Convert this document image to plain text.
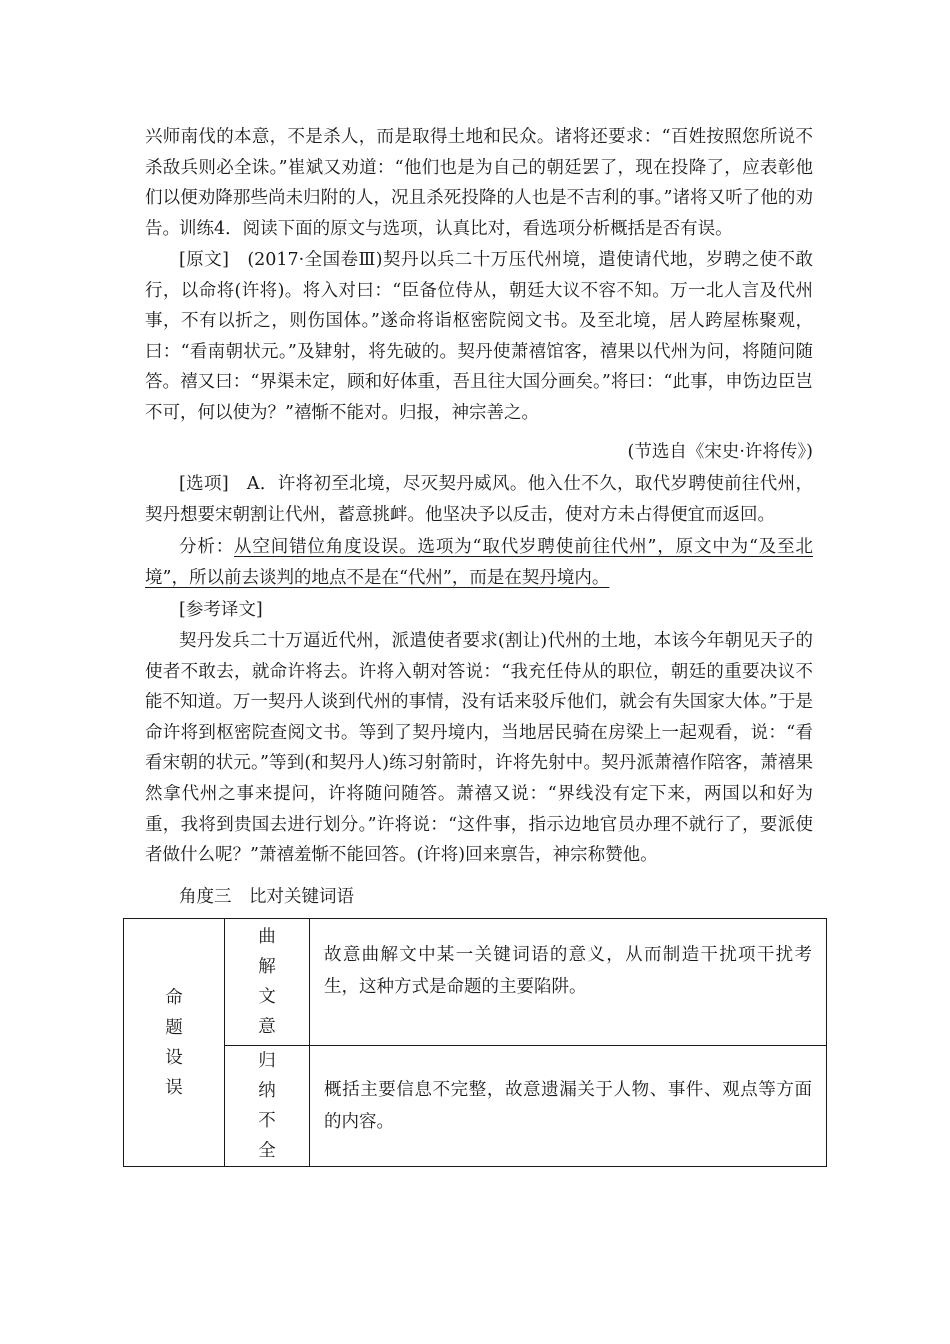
兴师南伐的本意，不是杀人，而是取得土地和民众。诸将还要求：“百姓按照您所说不杀敌兵则必全诛。”崔斌又劝道：“他们也是为自己的朝廷罢了，现在投降了，应表彰他们以便劝降那些尚未归附的人，况且杀死投降的人也是不吉利的事。”诸将又听了他的劝告。 训练4．阅读下面的原文与选项，认真比对，看选项分析概括是否有误。

[原文]　(2017·全国卷Ⅲ)契丹以兵二十万压代州境，遣使请代地，岁聘之使不敢行，以命将(许将)。将入对曰：“臣备位侍从，朝廷大议不容不知。万一北人言及代州事，不有以折之，则伤国体。”遂命将诣枢密院阅文书。及至北境，居人跨屋栋聚观，曰：“看南朝状元。”及肄射，将先破的。契丹使萧禧馆客，禧果以代州为问，将随问随答。禧又曰：“界渠未定，顾和好体重，吾且往大国分画矣。”将曰：“此事，申饬边臣岂不可，何以使为？”禧惭不能对。归报，神宗善之。

(节选自《宋史·许将传》)

[选项]　A．许将初至北境，尽灭契丹威风。他入仕不久，取代岁聘使前往代州，契丹想要宋朝割让代州，蓄意挑衅。他坚决予以反击，使对方未占得便宜而返回。

分析：从空间错位角度设误。选项为“取代岁聘使前往代州”，原文中为“及至北境”，所以前去谈判的地点不是在“代州”，而是在契丹境内。

[参考译文]

契丹发兵二十万逼近代州，派遣使者要求(割让)代州的土地，本该今年朝见天子的使者不敢去，就命许将去。许将入朝对答说：“我充任侍从的职位，朝廷的重要决议不能不知道。万一契丹人谈到代州的事情，没有话来驳斥他们，就会有失国家大体。”于是命许将到枢密院查阅文书。等到了契丹境内，当地居民骑在房梁上一起观看，说：“看看宋朝的状元。”等到(和契丹人)练习射箭时，许将先射中。契丹派萧禧作陪客，萧禧果然拿代州之事来提问，许将随问随答。萧禧又说：“界线没有定下来，两国以和好为重，我将到贵国去进行划分。”许将说：“这件事，指示边地官员办理不就行了，要派使者做什么呢？”萧禧羞惭不能回答。(许将)回来禀告，神宗称赞他。

角度三　比对关键词语

命题设误	曲解文意	故意曲解文中某一关键词语的意义，从而制造干扰项干扰考生，这种方式是命题的主要陷阱。

	归纳不全	概括主要信息不完整，故意遗漏关于人物、事件、观点等方面的内容。
